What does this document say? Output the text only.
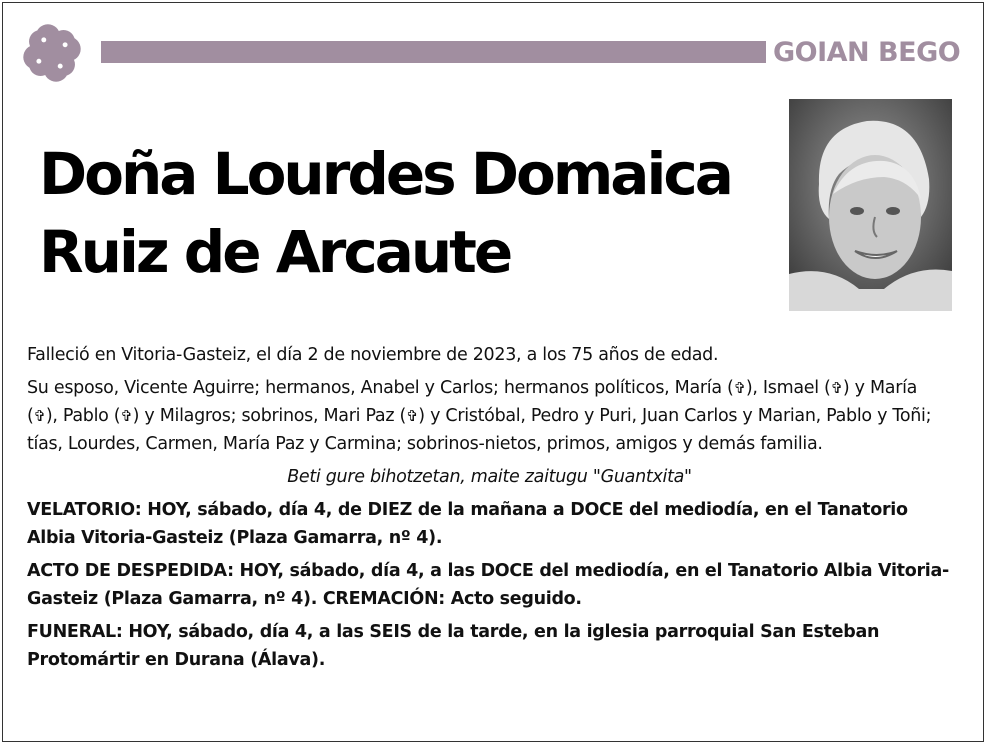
GOIAN BEGO
Doña Lourdes Domaica
Ruiz de Arcaute

Falleció en Vitoria-Gasteiz, el día 2 de noviembre de 2023, a los 75 años de edad.

Su esposo, Vicente Aguirre; hermanos, Anabel y Carlos; hermanos políticos, María (✞), Ismael (✞) y María (✞), Pablo (✞) y Milagros; sobrinos, Mari Paz (✞) y Cristóbal, Pedro y Puri, Juan Carlos y Marian, Pablo y Toñi; tías, Lourdes, Carmen, María Paz y Carmina; sobrinos-nietos, primos, amigos y demás familia.

Beti gure bihotzetan, maite zaitugu "Guantxita"

VELATORIO: HOY, sábado, día 4, de DIEZ de la mañana a DOCE del mediodía, en el Tanatorio Albia Vitoria-Gasteiz (Plaza Gamarra, nº 4).

ACTO DE DESPEDIDA: HOY, sábado, día 4, a las DOCE del mediodía, en el Tanatorio Albia Vitoria-Gasteiz (Plaza Gamarra, nº 4). CREMACIÓN: Acto seguido.

FUNERAL: HOY, sábado, día 4, a las SEIS de la tarde, en la iglesia parroquial San Esteban Protomártir en Durana (Álava).
